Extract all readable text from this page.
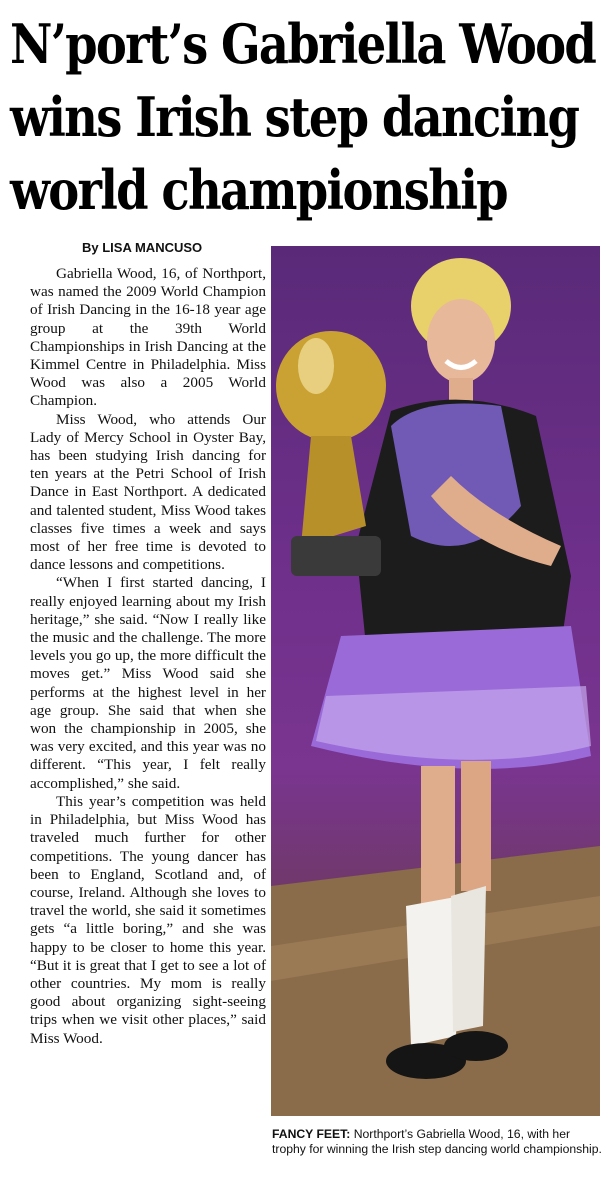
N’port’s Gabriella Wood
wins Irish step dancing
world championship
By LISA MANCUSO

Gabriella Wood, 16, of Northport, was named the 2009 World Champion of Irish Dancing in the 16-18 year age group at the 39th World Championships in Irish Dancing at the Kimmel Centre in Philadelphia. Miss Wood was also a 2005 World Champion.

Miss Wood, who attends Our Lady of Mercy School in Oyster Bay, has been studying Irish dancing for ten years at the Petri School of Irish Dance in East Northport. A dedicated and talented student, Miss Wood takes classes five times a week and says most of her free time is devoted to dance lessons and competitions.

“When I first started dancing, I really enjoyed learning about my Irish heritage,” she said. “Now I really like the music and the challenge. The more levels you go up, the more difficult the moves get.” Miss Wood said she performs at the highest level in her age group. She said that when she won the championship in 2005, she was very excited, and this year was no different. “This year, I felt really accomplished,” she said.

This year’s competition was held in Philadelphia, but Miss Wood has traveled much further for other competitions. The young dancer has been to England, Scotland and, of course, Ireland. Although she loves to travel the world, she said it sometimes gets “a little boring,” and she was happy to be closer to home this year. “But it is great that I get to see a lot of other countries. My mom is really good about organizing sight-seeing trips when we visit other places,” said Miss Wood.

FANCY FEET: Northport’s Gabriella Wood, 16, with her trophy for winning the Irish step dancing world championship.
